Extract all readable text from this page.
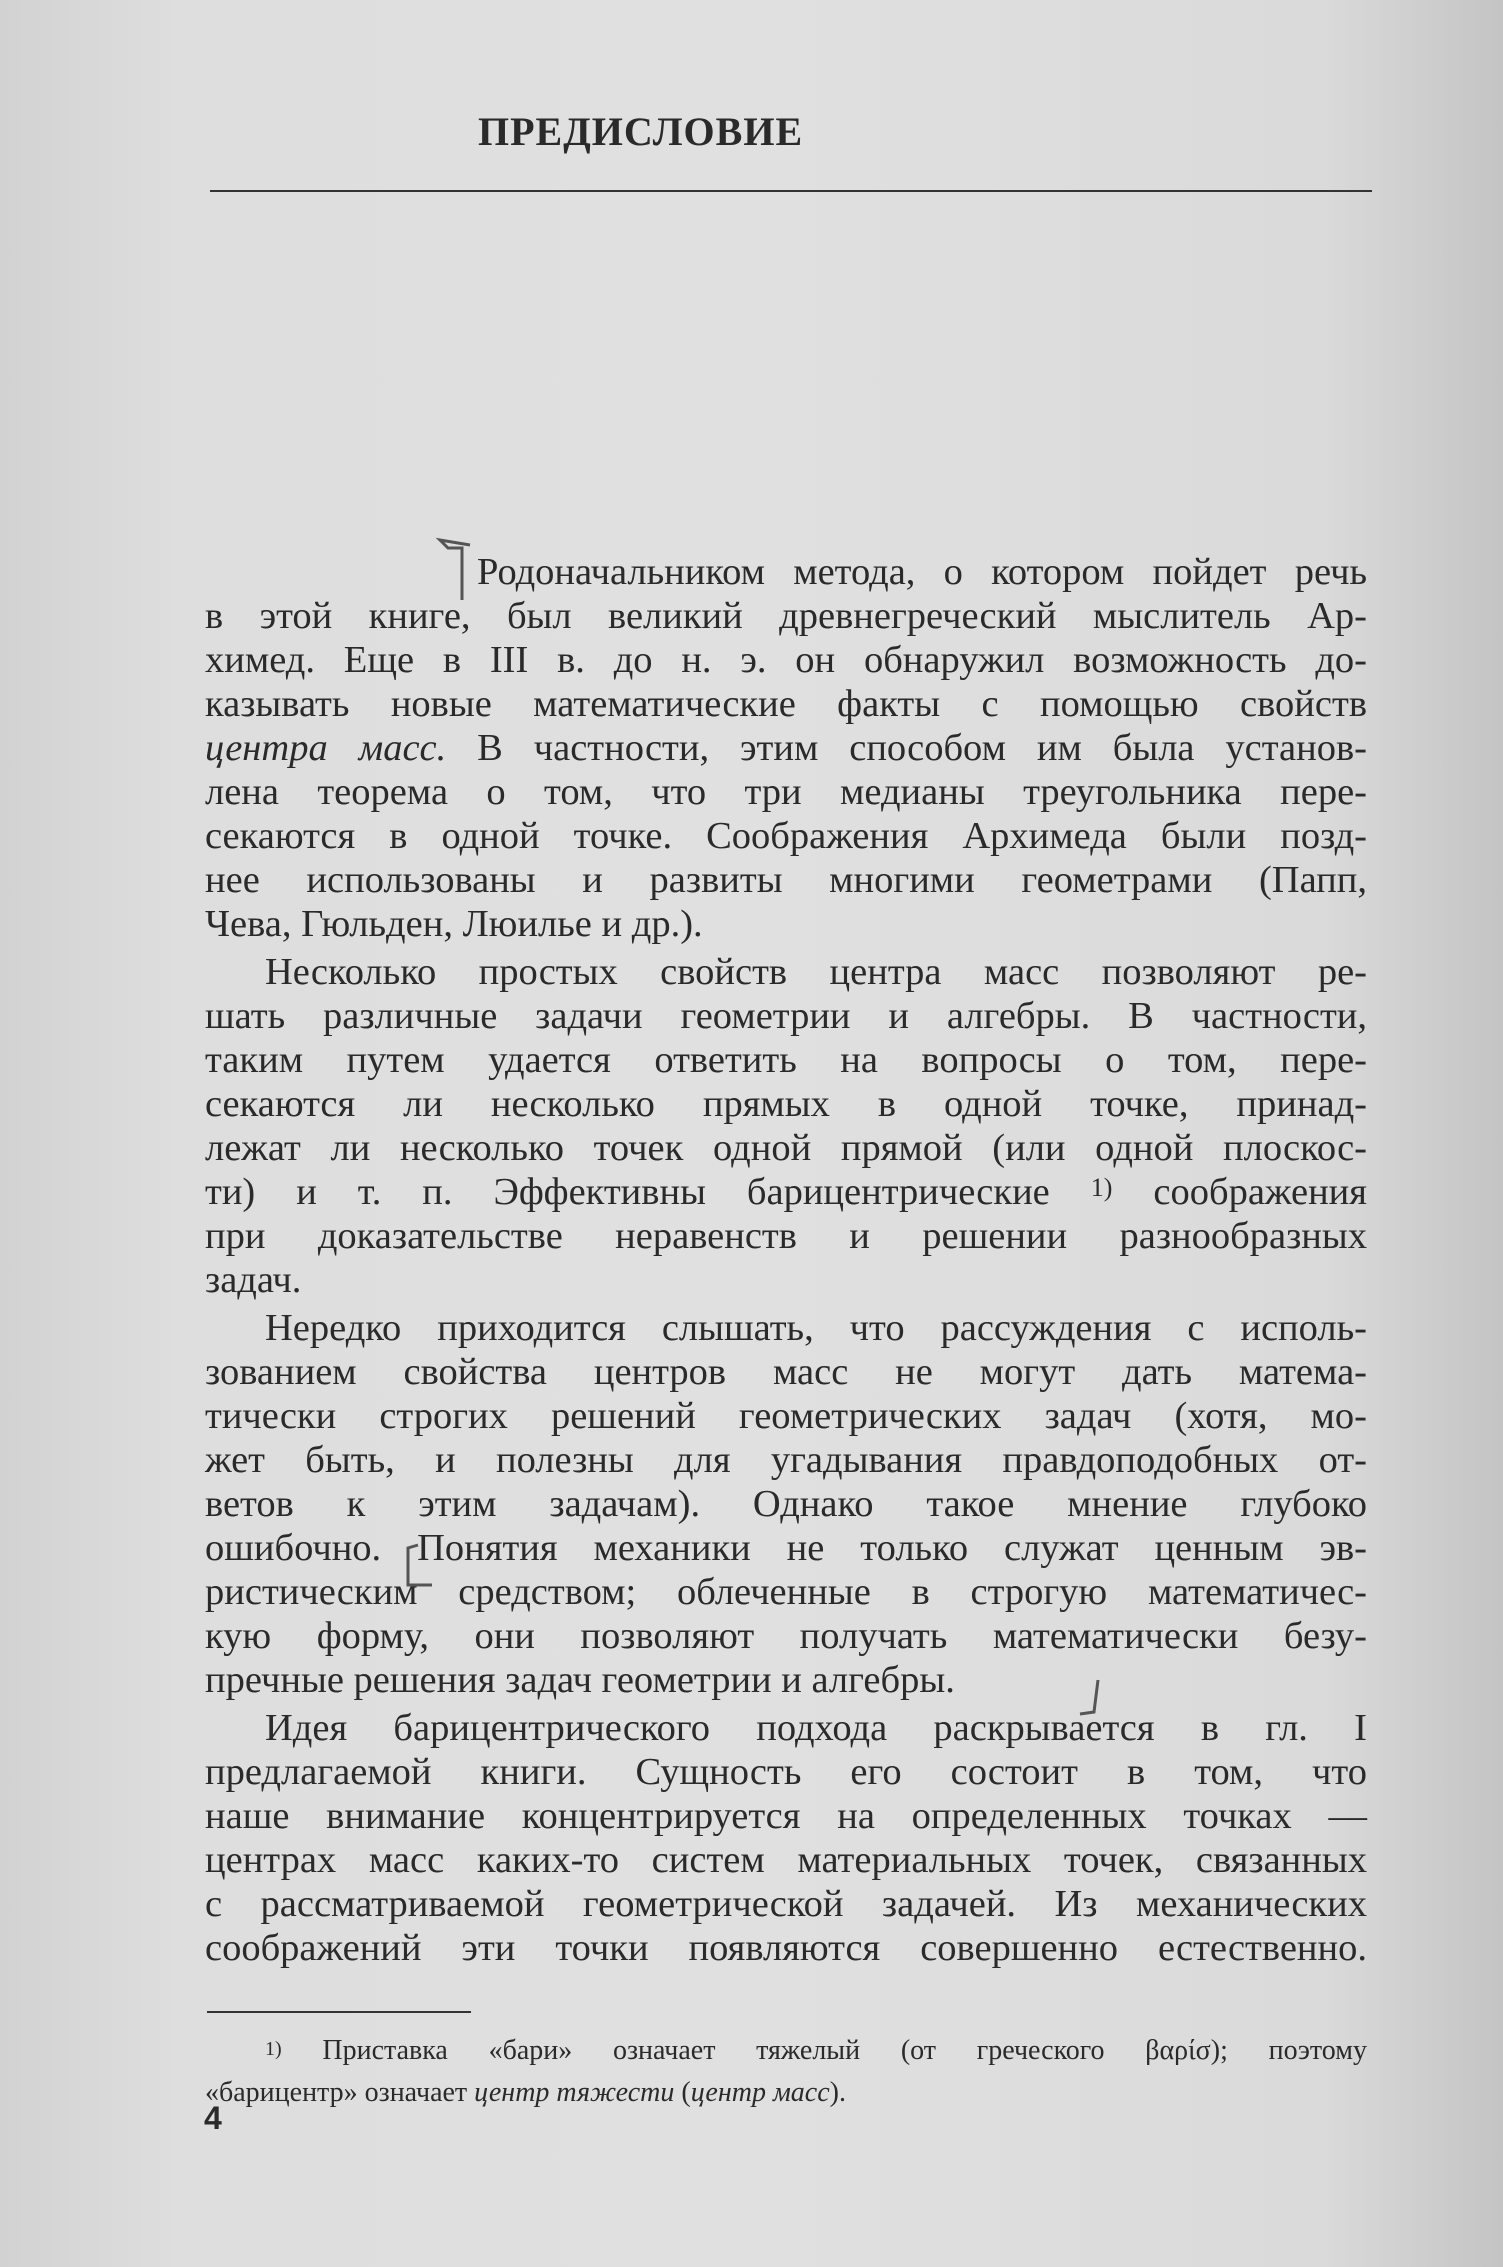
ПРЕДИСЛОВИЕ
Родоначальником метода, о котором пойдет речь
в этой книге, был великий древнегреческий мыслитель Ар-
химед. Еще в III в. до н. э. он обнаружил возможность до-
казывать новые математические факты с помощью свойств
центра масс. В частности, этим способом им была установ-
лена теорема о том, что три медианы треугольника пере-
секаются в одной точке. Соображения Архимеда были позд-
нее использованы и развиты многими геометрами (Папп,
Чева, Гюльден, Люилье и др.).
Несколько простых свойств центра масс позволяют ре-
шать различные задачи геометрии и алгебры. В частности,
таким путем удается ответить на вопросы о том, пере-
секаются ли несколько прямых в одной точке, принад-
лежат ли несколько точек одной прямой (или одной плоскос-
ти) и т. п. Эффективны барицентрические $^{1)}$ соображения
при доказательстве неравенств и решении разнообразных
задач.
Нередко приходится слышать, что рассуждения с исполь-
зованием свойства центров масс не могут дать матема-
тически строгих решений геометрических задач (хотя, мо-
жет быть, и полезны для угадывания правдоподобных от-
ветов к этим задачам). Однако такое мнение глубоко
ошибочно. Понятия механики не только служат ценным эв-
ристическим средством; облеченные в строгую математичес-
кую форму, они позволяют получать математически безу-
пречные решения задач геометрии и алгебры.
Идея барицентрического подхода раскрывается в гл. I
предлагаемой книги. Сущность его состоит в том, что
наше внимание концентрируется на определенных точках —
центрах масс каких-то систем материальных точек, связанных
с рассматриваемой геометрической задачей. Из механических
соображений эти точки появляются совершенно естественно.
$^{1)}$ Приставка «бари» означает тяжелый (от греческого βαρίσ); поэтому
«барицентр» означает центр тяжести (центр масс).
4
